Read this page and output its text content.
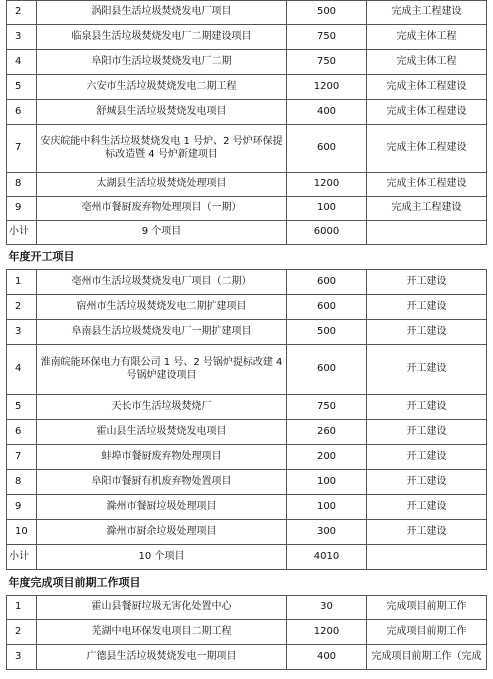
2	涡阳县生活垃圾焚烧发电厂项目	500	完成主工程建设
3	临泉县生活垃圾焚烧发电厂二期建设项目	750	完成主体工程
4	阜阳市生活垃圾焚烧发电厂二期	750	完成主体工程
5	六安市生活垃圾焚烧发电二期工程	1200	完成主体工程建设
6	舒城县生活垃圾焚烧发电项目	400	完成主体工程建设
7	安庆皖能中科生活垃圾焚烧发电 1 号炉、2 号炉环保提标改造暨 4 号炉新建项目	600	完成主体工程建设
8	太湖县生活垃圾焚烧处理项目	1200	完成主体工程建设
9	亳州市餐厨废弃物处理项目（一期）	100	完成主工程建设
小计	9 个项目	6000	
年度开工项目			
1	亳州市生活垃圾焚烧发电厂项目（二期）	600	开工建设
2	宿州市生活垃圾焚烧发电二期扩建项目	600	开工建设
3	阜南县生活垃圾焚烧发电厂一期扩建项目	500	开工建设
4	淮南皖能环保电力有限公司 1 号、2 号锅炉提标改建 4 号锅炉建设项目	600	开工建设
5	天长市生活垃圾焚烧厂	750	开工建设
6	霍山县生活垃圾焚烧发电项目	260	开工建设
7	蚌埠市餐厨废弃物处理项目	200	开工建设
8	阜阳市餐厨有机废弃物处置项目	100	开工建设
9	滁州市餐厨垃圾处理项目	100	开工建设
10	滁州市厨余垃圾处理项目	300	开工建设
小计	10 个项目	4010	
年度完成项目前期工作项目			
1	霍山县餐厨垃圾无害化处置中心	30	完成项目前期工作
2	芜湖中电环保发电项目二期工程	1200	完成项目前期工作
3	广德县生活垃圾焚烧发电一期项目	400	完成项目前期工作（完成
